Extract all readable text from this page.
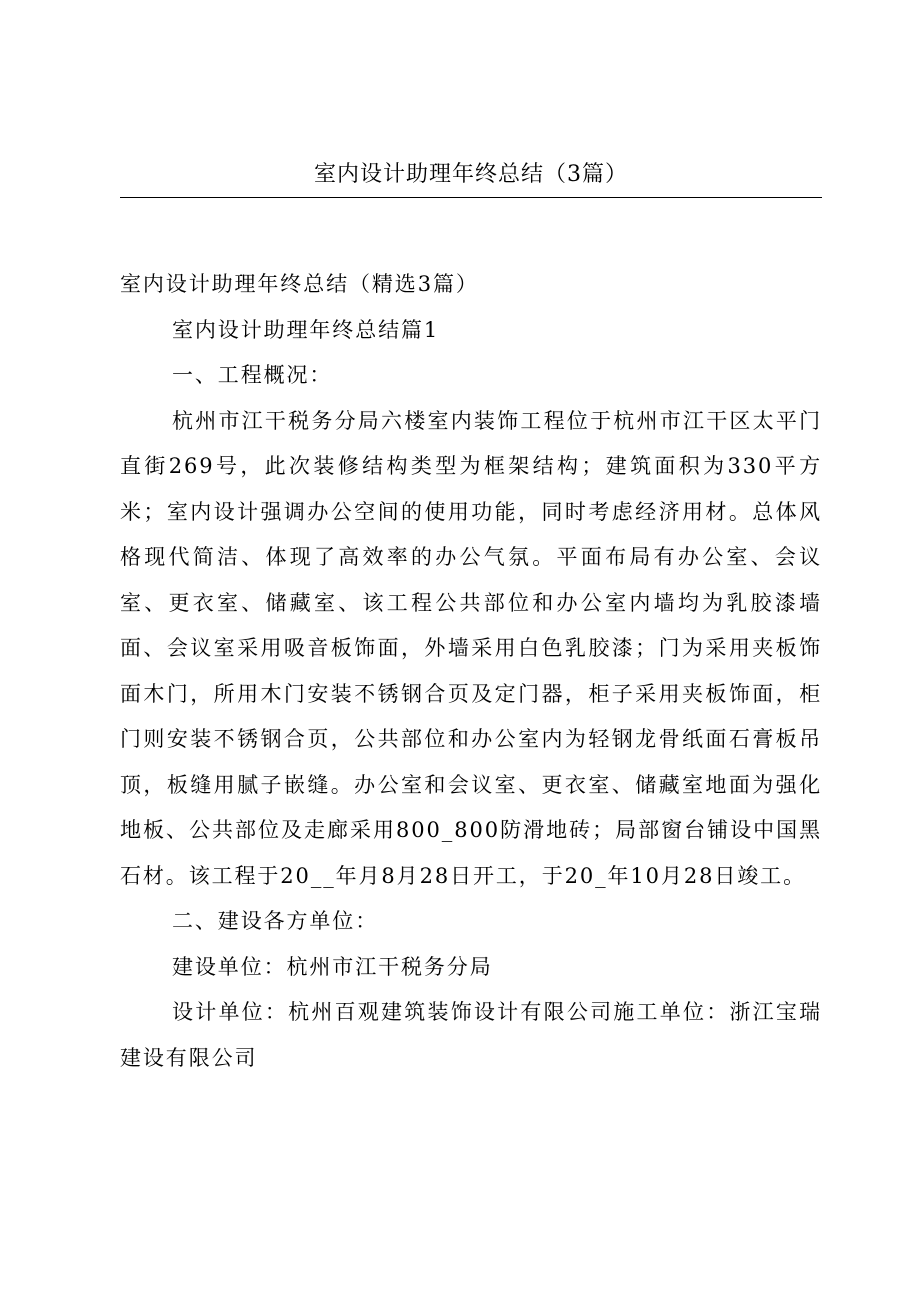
室内设计助理年终总结（3篇）

室内设计助理年终总结（精选3篇）

室内设计助理年终总结篇1

一、工程概况：

杭州市江干税务分局六楼室内装饰工程位于杭州市江干区太平门直街269号，此次装修结构类型为框架结构；建筑面积为330平方米；室内设计强调办公空间的使用功能，同时考虑经济用材。总体风格现代简洁、体现了高效率的办公气氛。平面布局有办公室、会议室、更衣室、储藏室、该工程公共部位和办公室内墙均为乳胶漆墙面、会议室采用吸音板饰面，外墙采用白色乳胶漆；门为采用夹板饰面木门，所用木门安装不锈钢合页及定门器，柜子采用夹板饰面，柜门则安装不锈钢合页，公共部位和办公室内为轻钢龙骨纸面石膏板吊顶，板缝用腻子嵌缝。办公室和会议室、更衣室、储藏室地面为强化地板、公共部位及走廊采用800_800防滑地砖；局部窗台铺设中国黑石材。该工程于20__年月8月28日开工，于20_年10月28日竣工。

二、建设各方单位：

建设单位：杭州市江干税务分局

设计单位：杭州百观建筑装饰设计有限公司施工单位：浙江宝瑞建设有限公司
